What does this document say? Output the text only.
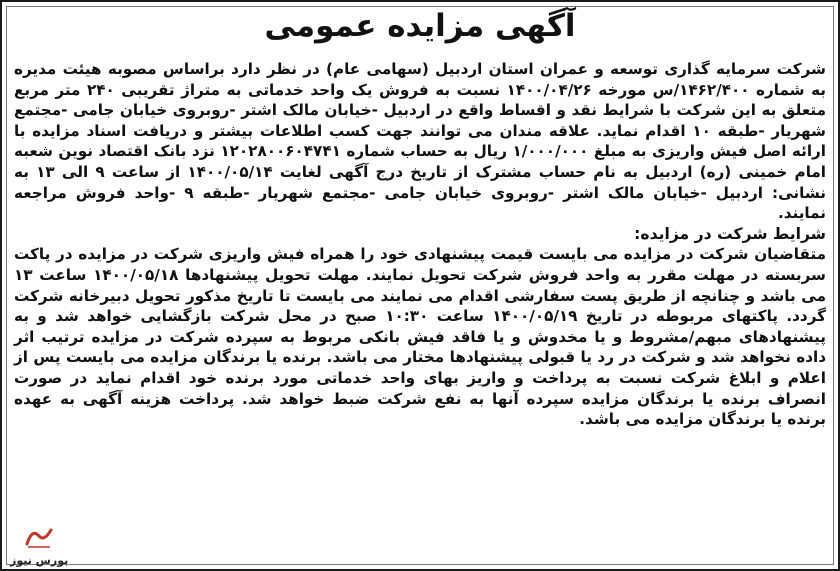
آگهی مزایده عمومی

شرکت سرمایه گذاری توسعه و عمران استان اردبیل (سهامی عام) در نظر دارد براساس مصوبه هیئت مدیره به شماره ۱۴۶۲/۴۰۰/س مورخه ۱۴۰۰/۰۴/۲۶ نسبت به فروش یک واحد خدماتی به متراژ تقریبی ۲۴۰ متر مربع متعلق به این شرکت با شرایط نقد و اقساط واقع در اردبیل -خیابان مالک اشتر -روبروی خیابان جامی -مجتمع شهریار -طبقه ۱۰ اقدام نماید. علاقه مندان می توانند جهت کسب اطلاعات بیشتر و دریافت اسناد مزایده با ارائه اصل فیش واریزی به مبلغ ۱/۰۰۰/۰۰۰ ریال به حساب شماره ۱۲۰۲۸۰۰۶۰۴۷۴۱ نزد بانک اقتصاد نوین شعبه امام خمینی (ره) اردبیل به نام حساب مشترک از تاریخ درج آگهی لغایت ۱۴۰۰/۰۵/۱۴ از ساعت ۹ الی ۱۳ به نشانی: اردبیل -خیابان مالک اشتر -روبروی خیابان جامی -مجتمع شهریار -طبقه ۹ -واحد فروش مراجعه نمایند.

شرایط شرکت در مزایده:

متقاضیان شرکت در مزایده می بایست قیمت پیشنهادی خود را همراه فیش واریزی شرکت در مزایده در پاکت سربسته در مهلت مقرر به واحد فروش شرکت تحویل نمایند. مهلت تحویل پیشنهادها ۱۴۰۰/۰۵/۱۸ ساعت ۱۳ می باشد و چنانچه از طریق پست سفارشی اقدام می نمایند می بایست تا تاریخ مذکور تحویل دبیرخانه شرکت گردد. پاکتهای مربوطه در تاریخ ۱۴۰۰/۰۵/۱۹ ساعت ۱۰:۳۰ صبح در محل شرکت بازگشایی خواهد شد و به پیشنهادهای مبهم/مشروط و یا مخدوش و یا فاقد فیش بانکی مربوط به سپرده شرکت در مزایده ترتیب اثر داده نخواهد شد و شرکت در رد یا قبولی پیشنهادها مختار می باشد. برنده یا برندگان مزایده می بایست پس از اعلام و ابلاغ شرکت نسبت به پرداخت و واریز بهای واحد خدماتی مورد برنده خود اقدام نماید در صورت انصراف برنده یا برندگان مزایده سپرده آنها به نفع شرکت ضبط خواهد شد. پرداخت هزینه آگهی به عهده برنده یا برندگان مزایده می باشد.

بورس نیوز
